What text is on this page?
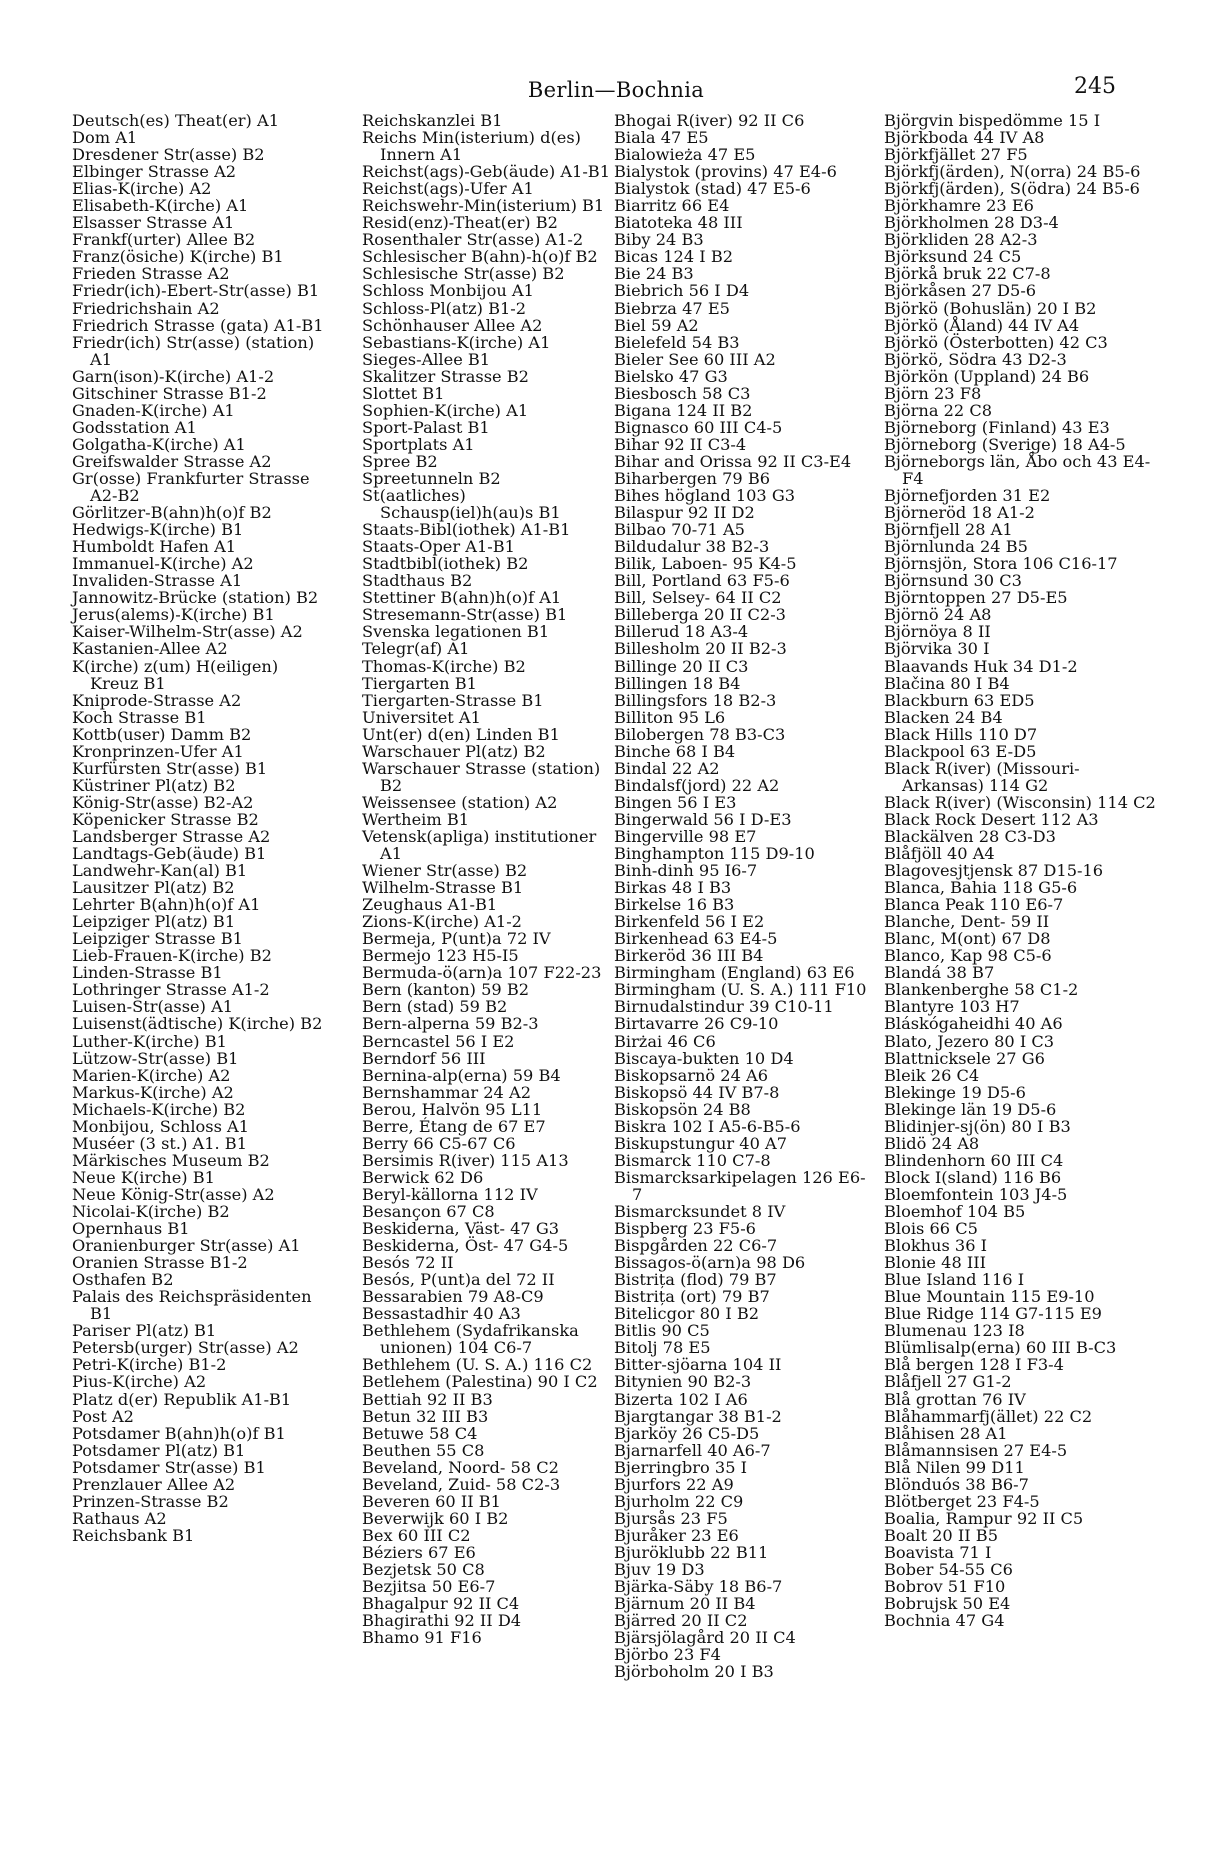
Berlin—Bochnia	245
Deutsch(es) Theat(er) A1
Dom A1
Dresdener Str(asse) B2
Elbinger Strasse A2
Elias-K(irche) A2
Elisabeth-K(irche) A1
Elsasser Strasse A1
Frankf(urter) Allee B2
Franz(ösiche) K(irche) B1
Frieden Strasse A2
Friedr(ich)-Ebert-Str(asse) B1
Friedrichshain A2
Friedrich Strasse (gata) A1-B1
Friedr(ich) Str(asse) (station) A1
Garn(ison)-K(irche) A1-2
Gitschiner Strasse B1-2
Gnaden-K(irche) A1
Godsstation A1
Golgatha-K(irche) A1
Greifswalder Strasse A2
Gr(osse) Frankfurter Strasse A2-B2
Görlitzer-B(ahn)h(o)f B2
Hedwigs-K(irche) B1
Humboldt Hafen A1
Immanuel-K(irche) A2
Invaliden-Strasse A1
Jannowitz-Brücke (station) B2
Jerus(alems)-K(irche) B1
Kaiser-Wilhelm-Str(asse) A2
Kastanien-Allee A2
K(irche) z(um) H(eiligen) Kreuz B1
Kniprode-Strasse A2
Koch Strasse B1
Kottb(user) Damm B2
Kronprinzen-Ufer A1
Kurfürsten Str(asse) B1
Küstriner Pl(atz) B2
König-Str(asse) B2-A2
Köpenicker Strasse B2
Landsberger Strasse A2
Landtags-Geb(äude) B1
Landwehr-Kan(al) B1
Lausitzer Pl(atz) B2
Lehrter B(ahn)h(o)f A1
Leipziger Pl(atz) B1
Leipziger Strasse B1
Lieb-Frauen-K(irche) B2
Linden-Strasse B1
Lothringer Strasse A1-2
Luisen-Str(asse) A1
Luisenst(ädtische) K(irche) B2
Luther-K(irche) B1
Lützow-Str(asse) B1
Marien-K(irche) A2
Markus-K(irche) A2
Michaels-K(irche) B2
Monbijou, Schloss A1
Muséer (3 st.) A1. B1
Märkisches Museum B2
Neue K(irche) B1
Neue König-Str(asse) A2
Nicolai-K(irche) B2
Opernhaus B1
Oranienburger Str(asse) A1
Oranien Strasse B1-2
Osthafen B2
Palais des Reichspräsidenten B1
Pariser Pl(atz) B1
Petersb(urger) Str(asse) A2
Petri-K(irche) B1-2
Pius-K(irche) A2
Platz d(er) Republik A1-B1
Post A2
Potsdamer B(ahn)h(o)f B1
Potsdamer Pl(atz) B1
Potsdamer Str(asse) B1
Prenzlauer Allee A2
Prinzen-Strasse B2
Rathaus A2
Reichsbank B1
Reichskanzlei B1
Reichs Min(isterium) d(es) Innern A1
Reichst(ags)-Geb(äude) A1-B1
Reichst(ags)-Ufer A1
Reichswehr-Min(isterium) B1
Resid(enz)-Theat(er) B2
Rosenthaler Str(asse) A1-2
Schlesischer B(ahn)-h(o)f B2
Schlesische Str(asse) B2
Schloss Monbijou A1
Schloss-Pl(atz) B1-2
Schönhauser Allee A2
Sebastians-K(irche) A1
Sieges-Allee B1
Skalitzer Strasse B2
Slottet B1
Sophien-K(irche) A1
Sport-Palast B1
Sportplats A1
Spree B2
Spreetunneln B2
St(aatliches) Schausp(iel)h(au)s B1
Staats-Bibl(iothek) A1-B1
Staats-Oper A1-B1
Stadtbibl(iothek) B2
Stadthaus B2
Stettiner B(ahn)h(o)f A1
Stresemann-Str(asse) B1
Svenska legationen B1
Telegr(af) A1
Thomas-K(irche) B2
Tiergarten B1
Tiergarten-Strasse B1
Universitet A1
Unt(er) d(en) Linden B1
Warschauer Pl(atz) B2
Warschauer Strasse (station) B2
Weissensee (station) A2
Wertheim B1
Vetensk(apliga) institutioner A1
Wiener Str(asse) B2
Wilhelm-Strasse B1
Zeughaus A1-B1
Zions-K(irche) A1-2
Bermeja, P(unt)a 72 IV
Bermejo 123 H5-I5
Bermuda-ö(arn)a 107 F22-23
Bern (kanton) 59 B2
Bern (stad) 59 B2
Bern-alperna 59 B2-3
Berncastel 56 I E2
Berndorf 56 III
Bernina-alp(erna) 59 B4
Bernshammar 24 A2
Berou, Halvön 95 L11
Berre, Étang de 67 E7
Berry 66 C5-67 C6
Bersimis R(iver) 115 A13
Berwick 62 D6
Beryl-källorna 112 IV
Besançon 67 C8
Beskiderna, Väst- 47 G3
Beskiderna, Öst- 47 G4-5
Besós 72 II
Besós, P(unt)a del 72 II
Bessarabien 79 A8-C9
Bessastadhir 40 A3
Bethlehem (Sydafrikanska unionen) 104 C6-7
Bethlehem (U. S. A.) 116 C2
Betlehem (Palestina) 90 I C2
Bettiah 92 II B3
Betun 32 III B3
Betuwe 58 C4
Beuthen 55 C8
Beveland, Noord- 58 C2
Beveland, Zuid- 58 C2-3
Beveren 60 II B1
Beverwijk 60 I B2
Bex 60 III C2
Béziers 67 E6
Bezjetsk 50 C8
Bezjitsa 50 E6-7
Bhagalpur 92 II C4
Bhagirathi 92 II D4
Bhamo 91 F16
Bhogai R(iver) 92 II C6
Biala 47 E5
Bialowieża 47 E5
Bialystok (provins) 47 E4-6
Bialystok (stad) 47 E5-6
Biarritz 66 E4
Biatoteka 48 III
Biby 24 B3
Bicas 124 I B2
Bie 24 B3
Biebrich 56 I D4
Biebrza 47 E5
Biel 59 A2
Bielefeld 54 B3
Bieler See 60 III A2
Bielsko 47 G3
Biesbosch 58 C3
Bigana 124 II B2
Bignasco 60 III C4-5
Bihar 92 II C3-4
Bihar and Orissa 92 II C3-E4
Biharbergen 79 B6
Bihes högland 103 G3
Bilaspur 92 II D2
Bilbao 70-71 A5
Bildudalur 38 B2-3
Bilik, Laboen- 95 K4-5
Bill, Portland 63 F5-6
Bill, Selsey- 64 II C2
Billeberga 20 II C2-3
Billerud 18 A3-4
Billesholm 20 II B2-3
Billinge 20 II C3
Billingen 18 B4
Billingsfors 18 B2-3
Billiton 95 L6
Bilobergen 78 B3-C3
Binche 68 I B4
Bindal 22 A2
Bindalsf(jord) 22 A2
Bingen 56 I E3
Bingerwald 56 I D-E3
Bingerville 98 E7
Binghampton 115 D9-10
Binh-dinh 95 I6-7
Birkas 48 I B3
Birkelse 16 B3
Birkenfeld 56 I E2
Birkenhead 63 E4-5
Birkeröd 36 III B4
Birmingham (England) 63 E6
Birmingham (U. S. A.) 111 F10
Birnudalstindur 39 C10-11
Birtavarre 26 C9-10
Birżai 46 C6
Biscaya-bukten 10 D4
Biskopsarnö 24 A6
Biskopsö 44 IV B7-8
Biskopsön 24 B8
Biskra 102 I A5-6-B5-6
Biskupstungur 40 A7
Bismarck 110 C7-8
Bismarcksarkipelagen 126 E6-7
Bismarcksundet 8 IV
Bispberg 23 F5-6
Bispgården 22 C6-7
Bissagos-ö(arn)a 98 D6
Bistrița (flod) 79 B7
Bistrița (ort) 79 B7
Bitelicgor 80 I B2
Bitlis 90 C5
Bitolj 78 E5
Bitter-sjöarna 104 II
Bitynien 90 B2-3
Bizerta 102 I A6
Bjargtangar 38 B1-2
Bjarköy 26 C5-D5
Bjarnarfell 40 A6-7
Bjerringbro 35 I
Bjurfors 22 A9
Bjurholm 22 C9
Bjursås 23 F5
Bjuråker 23 E6
Bjuröklubb 22 B11
Bjuv 19 D3
Bjärka-Säby 18 B6-7
Bjärnum 20 II B4
Bjärred 20 II C2
Bjärsjölagård 20 II C4
Björbo 23 F4
Björboholm 20 I B3
Björgvin bispedömme 15 I
Björkboda 44 IV A8
Björkfjället 27 F5
Björkfj(ärden), N(orra) 24 B5-6
Björkfj(ärden), S(ödra) 24 B5-6
Björkhamre 23 E6
Björkholmen 28 D3-4
Björkliden 28 A2-3
Björksund 24 C5
Björkå bruk 22 C7-8
Björkåsen 27 D5-6
Björkö (Bohuslän) 20 I B2
Björkö (Åland) 44 IV A4
Björkö (Österbotten) 42 C3
Björkö, Södra 43 D2-3
Björkön (Uppland) 24 B6
Björn 23 F8
Björna 22 C8
Björneborg (Finland) 43 E3
Björneborg (Sverige) 18 A4-5
Björneborgs län, Åbo och 43 E4-F4
Björnefjorden 31 E2
Björneröd 18 A1-2
Björnfjell 28 A1
Björnlunda 24 B5
Björnsjön, Stora 106 C16-17
Björnsund 30 C3
Björntoppen 27 D5-E5
Björnö 24 A8
Björnöya 8 II
Björvika 30 I
Blaavands Huk 34 D1-2
Blačina 80 I B4
Blackburn 63 ED5
Blacken 24 B4
Black Hills 110 D7
Blackpool 63 E-D5
Black R(iver) (Missouri-Arkansas) 114 G2
Black R(iver) (Wisconsin) 114 C2
Black Rock Desert 112 A3
Blackälven 28 C3-D3
Blåfjöll 40 A4
Blagovesjtjensk 87 D15-16
Blanca, Bahia 118 G5-6
Blanca Peak 110 E6-7
Blanche, Dent- 59 II
Blanc, M(ont) 67 D8
Blanco, Kap 98 C5-6
Blandá 38 B7
Blankenberghe 58 C1-2
Blantyre 103 H7
Bláskógaheidhi 40 A6
Blato, Jezero 80 I C3
Blattnicksele 27 G6
Bleik 26 C4
Blekinge 19 D5-6
Blekinge län 19 D5-6
Blidinjer-sj(ön) 80 I B3
Blidö 24 A8
Blindenhorn 60 III C4
Block I(sland) 116 B6
Bloemfontein 103 J4-5
Bloemhof 104 B5
Blois 66 C5
Blokhus 36 I
Blonie 48 III
Blue Island 116 I
Blue Mountain 115 E9-10
Blue Ridge 114 G7-115 E9
Blumenau 123 I8
Blümlisalp(erna) 60 III B-C3
Blå bergen 128 I F3-4
Blåfjell 27 G1-2
Blå grottan 76 IV
Blåhammarfj(ället) 22 C2
Blåhisen 28 A1
Blåmannsisen 27 E4-5
Blå Nilen 99 D11
Blönduós 38 B6-7
Blötberget 23 F4-5
Boalia, Rampur 92 II C5
Boalt 20 II B5
Boavista 71 I
Bober 54-55 C6
Bobrov 51 F10
Bobrujsk 50 E4
Bochnia 47 G4
